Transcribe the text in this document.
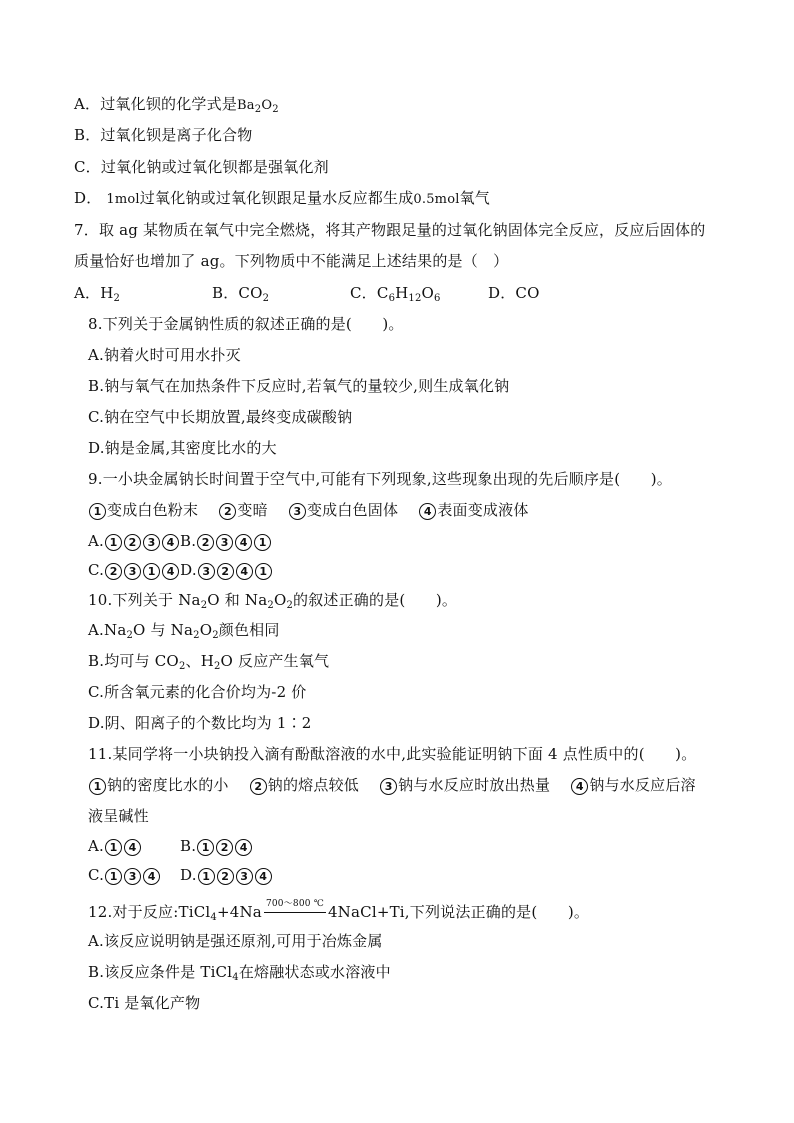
A．过氧化钡的化学式是$Ba_2O_2$
B．过氧化钡是离子化合物
C．过氧化钠或过氧化钡都是强氧化剂
D． 1mol过氧化钠或过氧化钡跟足量水反应都生成0.5mol氧气
7．取 ag 某物质在氧气中完全燃烧，将其产物跟足量的过氧化钠固体完全反应，反应后固体的
质量恰好也增加了 ag。下列物质中不能满足上述结果的是（　）
A．$H_2$	B．$CO_2$	C．$C_6H_{12}O_6$	D．CO
8.下列关于金属钠性质的叙述正确的是(　　)。
A.钠着火时可用水扑灭
B.钠与氧气在加热条件下反应时,若氧气的量较少,则生成氧化钠
C.钠在空气中长期放置,最终变成碳酸钠
D.钠是金属,其密度比水的大
9.一小块金属钠长时间置于空气中,可能有下列现象,这些现象出现的先后顺序是(　　)。
1 变成白色粉末　 2 变暗　 3 变成白色固体　 4 表面变成液体
A. 1 2 3 4 B. 2 3 4 1
C. 2 3 1 4 D. 3 2 4 1
10.下列关于 $Na_2O$ 和 $Na_2O_2$的叙述正确的是(　　)。
$A.Na_2O$ 与 $Na_2O_2$颜色相同
B.均可与 $CO_2$、$H_2O$ 反应产生氧气
C.所含氧元素的化合价均为-2 价
D.阴、阳离子的个数比均为 1∶2
11.某同学将一小块钠投入滴有酚酞溶液的水中,此实验能证明钠下面 4 点性质中的(　　)。
1 钠的密度比水的小　 2 钠的熔点较低　 3 钠与水反应时放出热量　 4 钠与水反应后溶
液呈碱性
A. 1 4	B. 1 2 4
C. 1 3 4	D. 1 2 3 4
12.对于反应:TiCl$_4$+4Na 700～800 ℃ 4NaCl+Ti,下列说法正确的是(　　)。
A.该反应说明钠是强还原剂,可用于冶炼金属
B.该反应条件是 TiCl$_4$在熔融状态或水溶液中
C.Ti 是氧化产物
